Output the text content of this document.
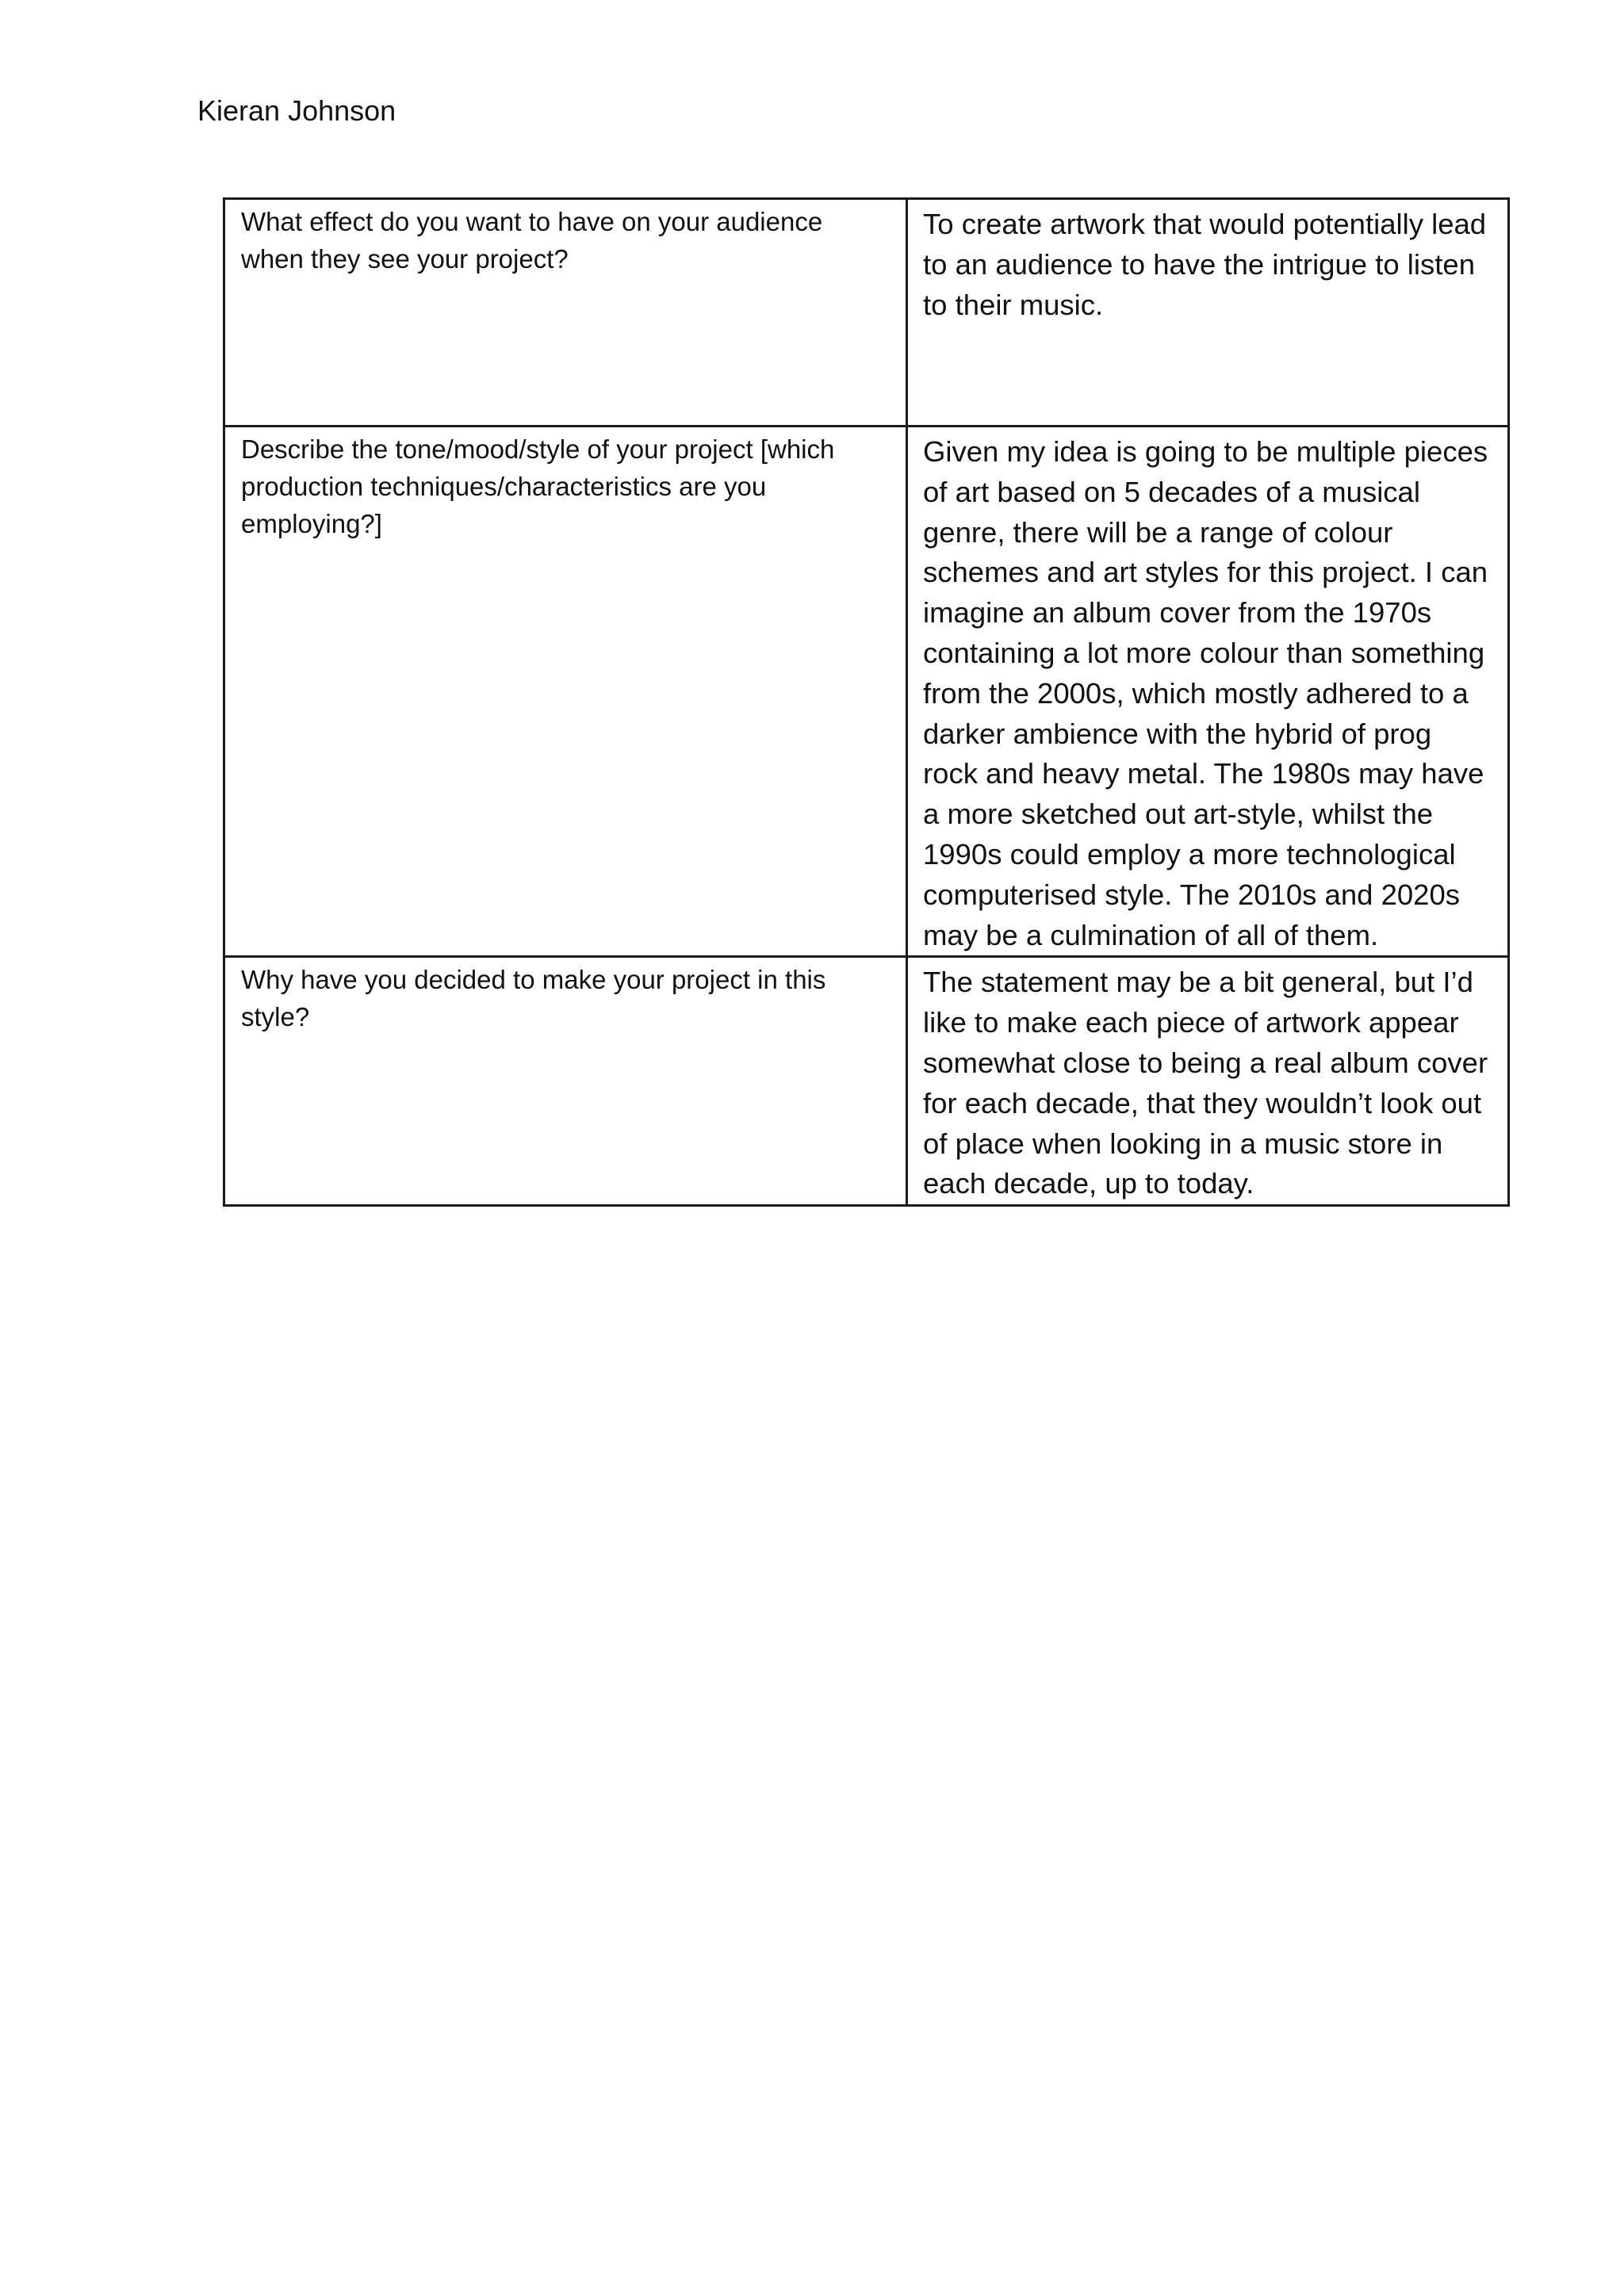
Kieran Johnson
What effect do you want to have on your audience when they see your project?	To create artwork that would potentially lead to an audience to have the intrigue to listen to their music.
Describe the tone/mood/style of your project [which production techniques/characteristics are you employing?]	Given my idea is going to be multiple pieces of art based on 5 decades of a musical genre, there will be a range of colour schemes and art styles for this project. I can imagine an album cover from the 1970s containing a lot more colour than something from the 2000s, which mostly adhered to a darker ambience with the hybrid of prog rock and heavy metal. The 1980s may have a more sketched out art-style, whilst the 1990s could employ a more technological computerised style. The 2010s and 2020s may be a culmination of all of them.
Why have you decided to make your project in this style?	The statement may be a bit general, but I’d like to make each piece of artwork appear somewhat close to being a real album cover for each decade, that they wouldn’t look out of place when looking in a music store in each decade, up to today.
